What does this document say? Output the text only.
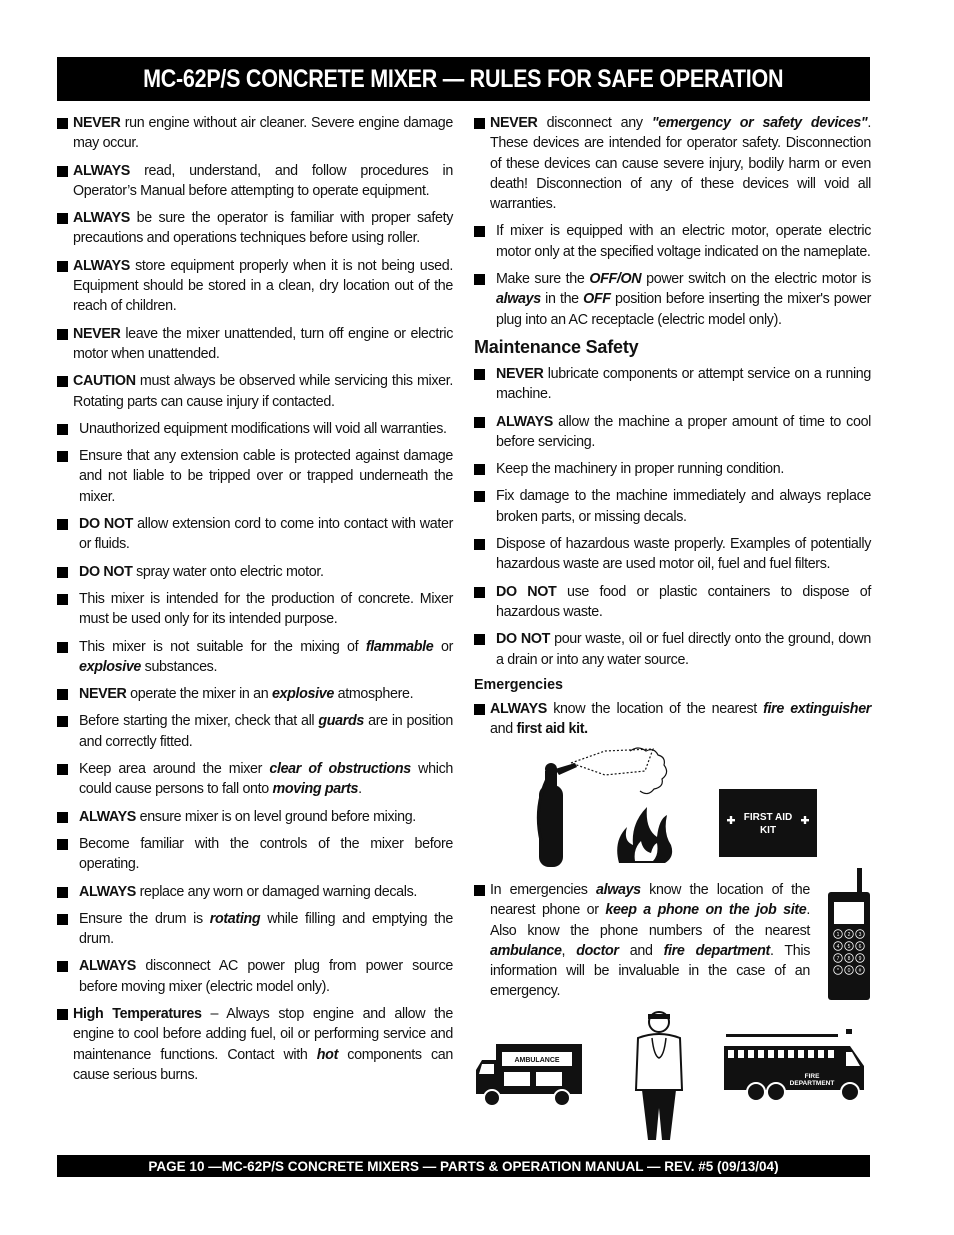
MC-62P/S CONCRETE MIXER — RULES FOR SAFE OPERATION
NEVER run engine without air cleaner. Severe engine damage may occur.
ALWAYS read, understand, and follow procedures in Operator’s Manual before attempting to operate equipment.
ALWAYS be sure the operator is familiar with proper safety precautions and operations techniques before using roller.
ALWAYS store equipment properly when it is not being used. Equipment should be stored in a clean, dry location out of the reach of children.
NEVER leave the mixer unattended, turn off engine or electric motor when unattended.
CAUTION must always be observed while servicing this mixer. Rotating parts can cause injury if contacted.
Unauthorized equipment modifications will void all warranties.
Ensure that any extension cable is protected against damage and not liable to be tripped over or trapped underneath the mixer.
DO NOT allow extension cord to come into contact with water or fluids.
DO NOT spray water onto electric motor.
This mixer is intended for the production of concrete. Mixer must be used only for its intended purpose.
This mixer is not suitable for the mixing of flammable or explosive substances.
NEVER operate the mixer in an explosive atmosphere.
Before starting the mixer, check that all guards are in position and correctly fitted.
Keep area around the mixer clear of obstructions which could cause persons to fall onto moving parts.
ALWAYS ensure mixer is on level ground before mixing.
Become familiar with the controls of the mixer before operating.
ALWAYS replace any worn or damaged warning decals.
Ensure the drum is rotating while filling and emptying the drum.
ALWAYS disconnect AC power plug from power source before moving mixer (electric model only).
High Temperatures – Always stop engine and allow the engine to cool before adding fuel, oil or performing service and maintenance functions. Contact with hot components can cause serious burns.
NEVER disconnect any "emergency or safety devices". These devices are intended for operator safety. Disconnection of these devices can cause severe injury, bodily harm or even death! Disconnection of any of these devices will void all warranties.
If mixer is equipped with an electric motor, operate electric motor only at the specified voltage indicated on the nameplate.
Make sure the OFF/ON power switch on the electric motor is always in the OFF position before inserting the mixer's power plug into an AC receptacle (electric model only).
Maintenance Safety
NEVER lubricate components or attempt service on a running machine.
ALWAYS allow the machine a proper amount of time to cool before servicing.
Keep the machinery in proper running condition.
Fix damage to the machine immediately and always replace broken parts, or missing decals.
Dispose of hazardous waste properly. Examples of potentially hazardous waste are used motor oil, fuel and fuel filters.
DO NOT use food or plastic containers to dispose of hazardous waste.
DO NOT pour waste, oil or fuel directly onto the ground, down a drain or into any water source.
Emergencies
ALWAYS know the location of the nearest fire extinguisher and first aid kit.
FIRST AID
KIT
In emergencies always know the location of the nearest phone or keep a phone on the job site. Also know the phone numbers of the nearest ambulance, doctor and fire department. This information will be invaluable in the case of an emergency.
1 2 3
4 5 6
7 8 9
* 0 #
AMBULANCE
FIRE
DEPARTMENT
PAGE 10 —MC-62P/S CONCRETE MIXERS — PARTS & OPERATION MANUAL — REV. #5 (09/13/04)
